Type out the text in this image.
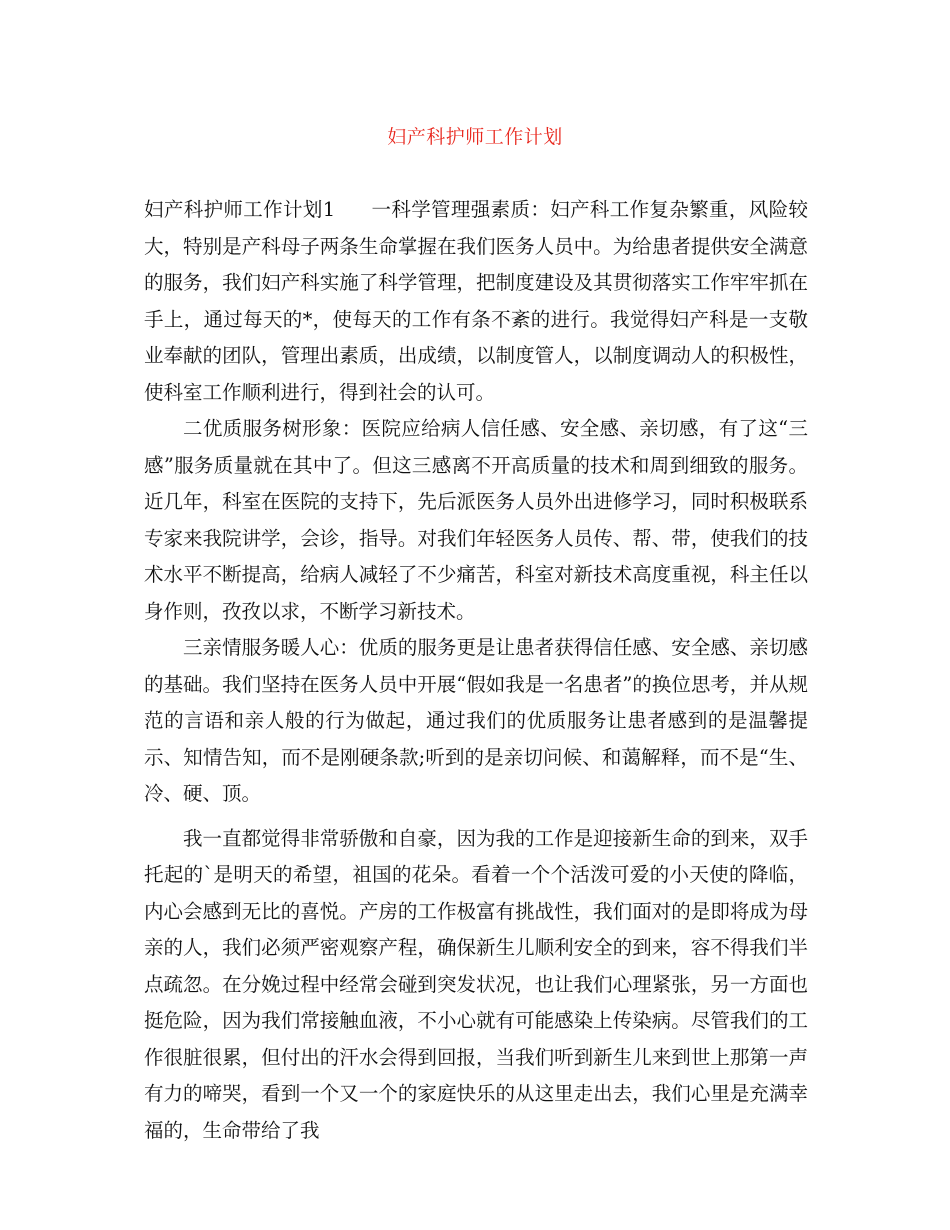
妇产科护师工作计划

妇产科护师工作计划1 一科学管理强素质：妇产科工作复杂繁重，风险较大，特别是产科母子两条生命掌握在我们医务人员中。为给患者提供安全满意的服务，我们妇产科实施了科学管理，把制度建设及其贯彻落实工作牢牢抓在手上，通过每天的*，使每天的工作有条不紊的进行。我觉得妇产科是一支敬业奉献的团队，管理出素质，出成绩，以制度管人，以制度调动人的积极性，使科室工作顺利进行，得到社会的认可。

二优质服务树形象：医院应给病人信任感、安全感、亲切感，有了这“三感”服务质量就在其中了。但这三感离不开高质量的技术和周到细致的服务。近几年，科室在医院的支持下，先后派医务人员外出进修学习，同时积极联系专家来我院讲学，会诊，指导。对我们年轻医务人员传、帮、带，使我们的技术水平不断提高，给病人减轻了不少痛苦，科室对新技术高度重视，科主任以身作则，孜孜以求，不断学习新技术。

三亲情服务暖人心：优质的服务更是让患者获得信任感、安全感、亲切感的基础。我们坚持在医务人员中开展“假如我是一名患者”的换位思考，并从规范的言语和亲人般的行为做起，通过我们的优质服务让患者感到的是温馨提示、知情告知，而不是刚硬条款;听到的是亲切问候、和蔼解释，而不是“生、冷、硬、顶。

我一直都觉得非常骄傲和自豪，因为我的工作是迎接新生命的到来，双手托起的`是明天的希望，祖国的花朵。看着一个个活泼可爱的小天使的降临，内心会感到无比的喜悦。产房的工作极富有挑战性，我们面对的是即将成为母亲的人，我们必须严密观察产程，确保新生儿顺利安全的到来，容不得我们半点疏忽。在分娩过程中经常会碰到突发状况，也让我们心理紧张，另一方面也挺危险，因为我们常接触血液，不小心就有可能感染上传染病。尽管我们的工作很脏很累，但付出的汗水会得到回报，当我们听到新生儿来到世上那第一声有力的啼哭，看到一个又一个的家庭快乐的从这里走出去，我们心里是充满幸福的，生命带给了我
